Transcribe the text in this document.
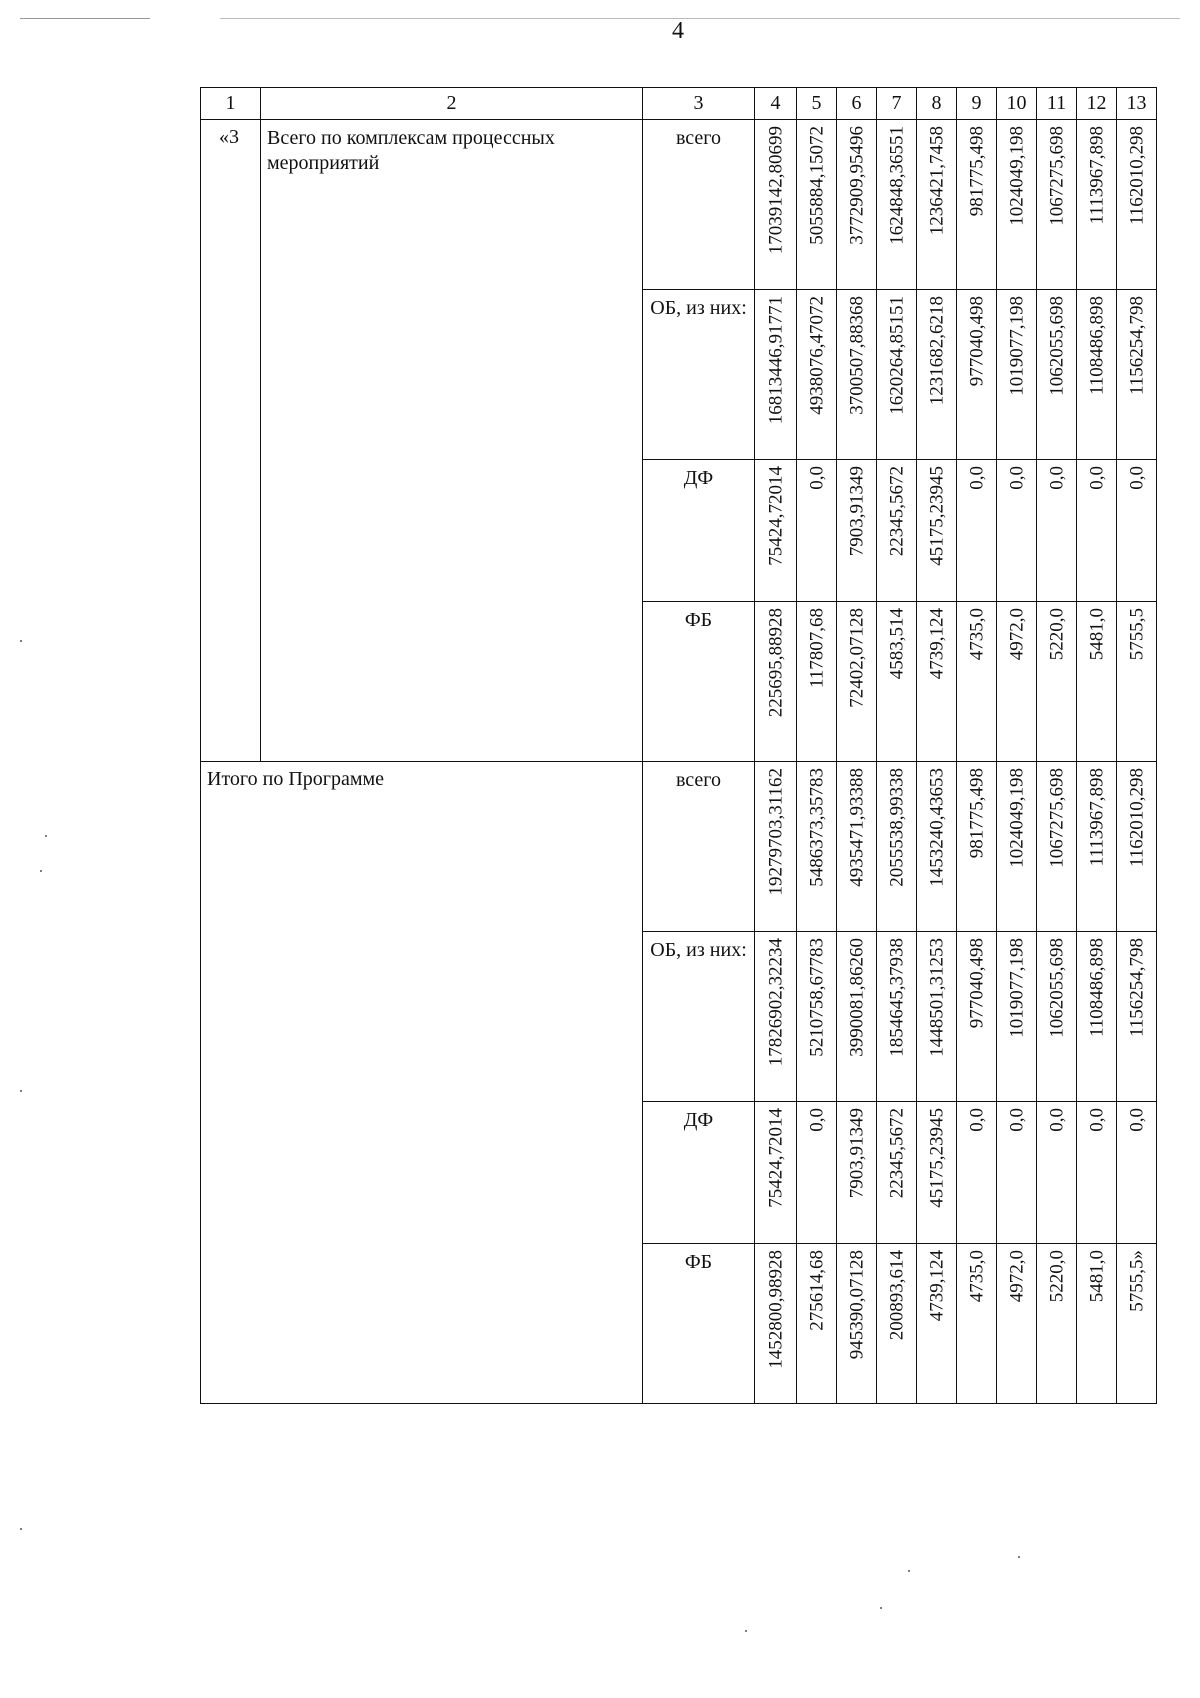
4
1	2	3	4	5	6	7	8	9	10	11	12	13
«3	Всего по комплексам процессных мероприятий	всего	17039142,80699	5055884,15072	3772909,95496	1624848,36551	1236421,7458	981775,498	1024049,198	1067275,698	1113967,898	1162010,298

		ОБ, из них:	16813446,91771	4938076,47072	3700507,88368	1620264,85151	1231682,6218	977040,498	1019077,198	1062055,698	1108486,898	1156254,798

		ДФ	75424,72014	0,0	7903,91349	22345,5672	45175,23945	0,0	0,0	0,0	0,0	0,0

		ФБ	225695,88928	117807,68	72402,07128	4583,514	4739,124	4735,0	4972,0	5220,0	5481,0	5755,5

Итого по Программе		всего	19279703,31162	5486373,35783	4935471,93388	2055538,99338	1453240,43653	981775,498	1024049,198	1067275,698	1113967,898	1162010,298

		ОБ, из них:	17826902,32234	5210758,67783	3990081,86260	1854645,37938	1448501,31253	977040,498	1019077,198	1062055,698	1108486,898	1156254,798

		ДФ	75424,72014	0,0	7903,91349	22345,5672	45175,23945	0,0	0,0	0,0	0,0	0,0

		ФБ	1452800,98928	275614,68	945390,07128	200893,614	4739,124	4735,0	4972,0	5220,0	5481,0	5755,5»
